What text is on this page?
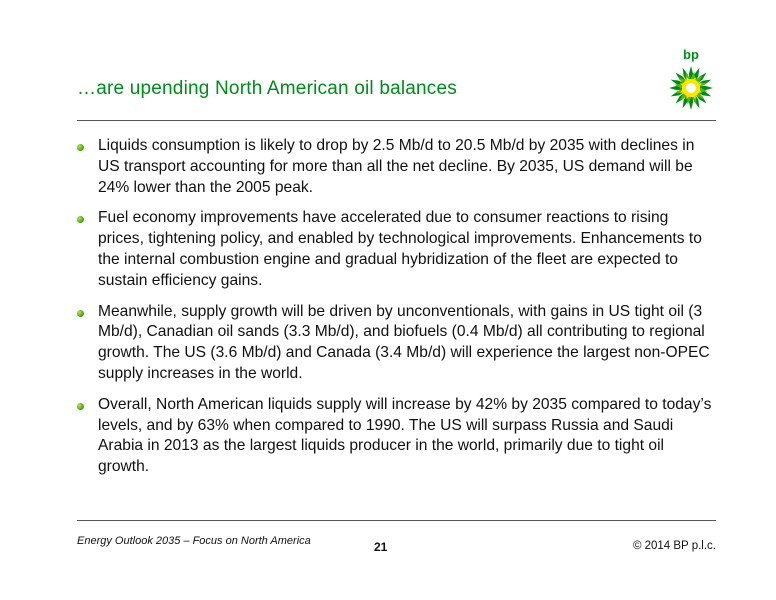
…are upending North American oil balances
bp
Liquids consumption is likely to drop by 2.5 Mb/d to 20.5 Mb/d by 2035 with declines in US transport accounting for more than all the net decline. By 2035, US demand will be 24% lower than the 2005 peak.
Fuel economy improvements have accelerated due to consumer reactions to rising prices, tightening policy, and enabled by technological improvements. Enhancements to the internal combustion engine and gradual hybridization of the fleet are expected to sustain efficiency gains.
Meanwhile, supply growth will be driven by unconventionals, with gains in US tight oil (3 Mb/d), Canadian oil sands (3.3 Mb/d), and biofuels (0.4 Mb/d) all contributing to regional growth. The US (3.6 Mb/d) and Canada (3.4 Mb/d) will experience the largest non-OPEC supply increases in the world.
Overall, North American liquids supply will increase by 42% by 2035 compared to today’s levels, and by 63% when compared to 1990. The US will surpass Russia and Saudi Arabia in 2013 as the largest liquids producer in the world, primarily due to tight oil growth.
Energy Outlook 2035 – Focus on North America	21	© 2014 BP p.l.c.
